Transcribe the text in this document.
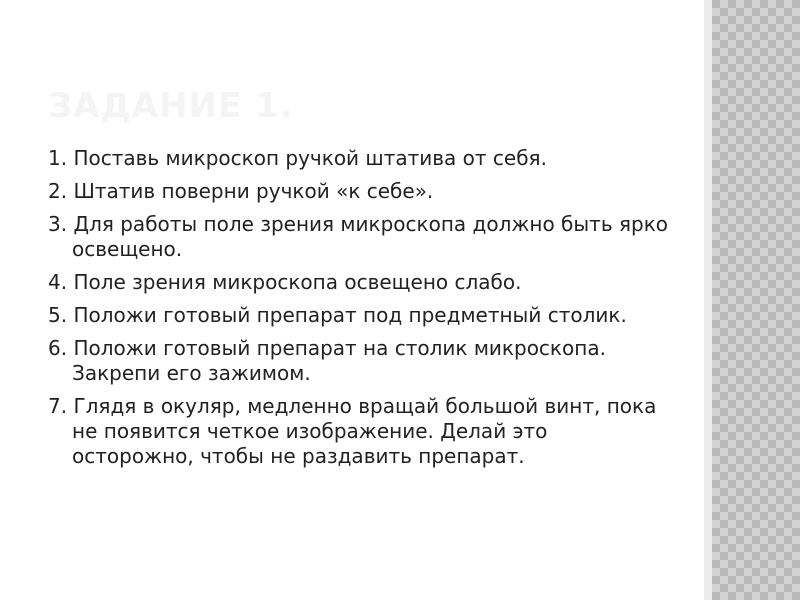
ЗАДАНИЕ 1.
1. Поставь микроскоп ручкой штатива от себя.
2. Штатив поверни ручкой «к себе».
3. Для работы поле зрения микроскопа должно быть ярко освещено.
4. Поле зрения микроскопа освещено слабо.
5. Положи готовый препарат под предметный столик.
6. Положи готовый препарат на столик микроскопа. Закрепи его зажимом.
7. Глядя в окуляр, медленно вращай большой винт, пока не появится четкое изображение. Делай это осторожно, чтобы не раздавить препарат.
